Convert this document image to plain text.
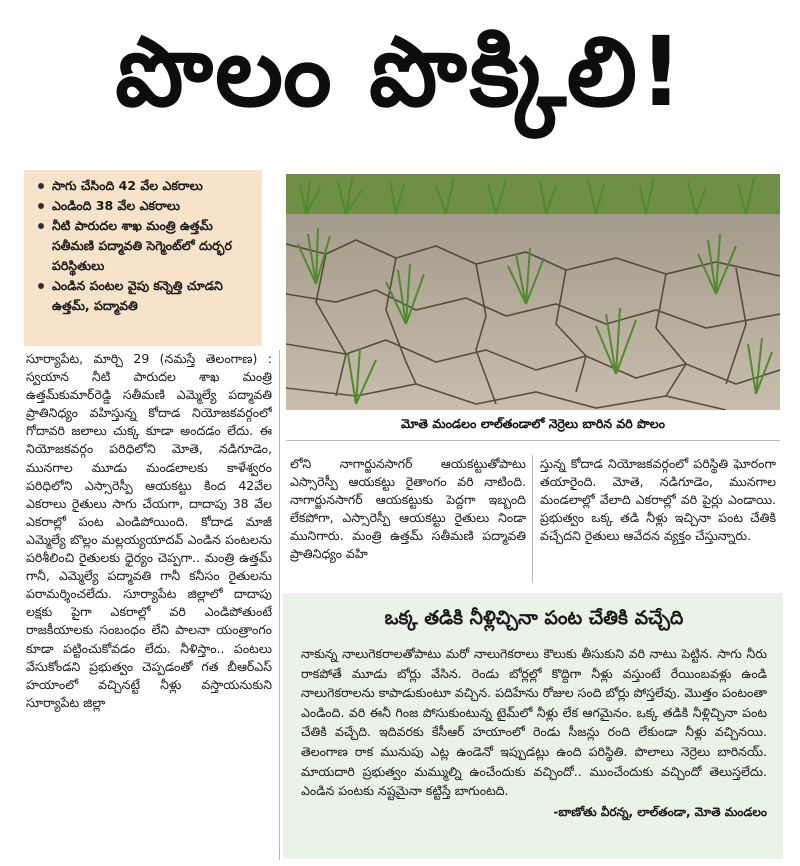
పొలం పొక్కిలి!
సాగు చేసింది 42 వేల ఎకరాలు
ఎండింది 38 వేల ఎకరాలు
నీటి పారుదల శాఖ మంత్రి ఉత్తమ్ సతీమణి పద్మావతి సెగ్మెంట్‌లో దుర్భర పరిస్థితులు
ఎండిన పంటల వైపు కన్నెత్తి చూడని ఉత్తమ్, పద్మావతి
మోతె మండలం లాల్‌తండాలో నెర్రెలు బారిన వరి పొలం

సూర్యాపేట, మార్చి 29 (నమస్తే తెలంగాణ) : స్వయాన నీటి పారుదల శాఖ మంత్రి ఉత్తమ్‌కుమార్‌రెడ్డి సతీమణి ఎమ్మెల్యే పద్మావతి ప్రాతినిధ్యం వహిస్తున్న కోదాడ నియోజకవర్గంలో గోదావరి జలాలు చుక్క కూడా అందడం లేదు. ఈ నియోజకవర్గం పరిధిలోని మోతె, నడిగూడెం, మునగాల మూడు మండలాలకు కాళేశ్వరం పరిధిలోని ఎస్సారెస్పీ ఆయకట్టు కింద 42వేల ఎకరాలు రైతులు సాగు చేయగా, దాదాపు 38 వేల ఎకరాల్లో పంట ఎండిపోయింది. కోదాడ మాజీ ఎమ్మెల్యే బొల్లం మల్లయ్యయాదవ్ ఎండిన పంటలను పరిశీలించి రైతులకు ధైర్యం చెప్పగా.. మంత్రి ఉత్తమ్ గానీ, ఎమ్మెల్యే పద్మావతి గానీ కనీసం రైతులను పరామర్శించలేదు. సూర్యాపేట జిల్లాలో దాదాపు లక్షకు పైగా ఎకరాల్లో వరి ఎండిపోతుంటే రాజకీయాలకు సంబంధం లేని పాలనా యంత్రాంగం కూడా పట్టించుకోవడం లేదు. నీళిస్తాం.. పంటలు వేసుకోండని ప్రభుత్వం చెప్పడంతో గత బీఆర్‌ఎస్ హయాంలో వచ్చినట్టే నీళ్లు వస్తాయనుకుని సూర్యాపేట జిల్లా

లోని నాగార్జునసాగర్ ఆయకట్టుతోపాటు ఎస్సారెస్పీ ఆయకట్టు రైతాంగం వరి నాటింది. నాగార్జునసాగర్ ఆయకట్టుకు పెద్దగా ఇబ్బంది లేకపోగా, ఎస్సారెస్పీ ఆయకట్టు రైతులు నిండా మునిగారు. మంత్రి ఉత్తమ్ సతీమణి పద్మావతి ప్రాతినిధ్యం వహి

స్తున్న కోదాడ నియోజకవర్గంలో పరిస్థితి ఘోరంగా తయారైంది. మోతె, నడిగూడెం, మునగాల మండలాల్లో వేలాది ఎకరాల్లో వరి పైర్లు ఎండాయి. ప్రభుత్వం ఒక్క తడి నీళ్లు ఇచ్చినా పంట చేతికి వచ్చేదని రైతులు ఆవేదన వ్యక్తం చేస్తున్నారు.

ఒక్క తడికి నీళ్లిచ్చినా పంట చేతికి వచ్చేది

నాకున్న నాలుగెకరాలతోపాటు మరో నాలుగెకరాలు కౌలుకు తీసుకుని వరి నాటు పెట్టిన. సాగు నీరు రాకపోతే మూడు బోర్లు వేసిన. రెండు బోర్లల్లో కొద్దిగా నీళ్లు వస్తుంటే రేయింబవళ్లు ఉండి నాలుగెకరాలను కాపాడుకుంటూ వచ్చిన. పదిహేను రోజుల సంది బోర్లు పోస్తలేవు. మొత్తం పంటంతా ఎండింది. వరి ఈనీ గింజ పోసుకుంటున్న టైమ్‌లో నీళ్లు లేక ఆగమైనం. ఒక్క తడికి నీళ్లిచ్చినా పంట చేతికి వచ్చేది. ఇదివరకు కేసీఆర్ హయాంలో రెండు సీజన్లు రంది లేకుండా నీళ్లు వచ్చినయి. తెలంగాణ రాక మునుపు ఎట్ల ఉండెనో ఇప్పుడట్లు ఉంది పరిస్థితి. పొలాలు నెర్రెలు బారినయ్. మాయదారి ప్రభుత్వం మమ్ముల్ని ఉంచేందుకు వచ్చిందో.. ముంచేందుకు వచ్చిందో తెలుస్తలేదు. ఎండిన పంటకు నష్టమైనా కట్టిస్తే బాగుంటది.

-బాణోతు వీరన్న, లాల్‌తండా, మోతె మండలం
